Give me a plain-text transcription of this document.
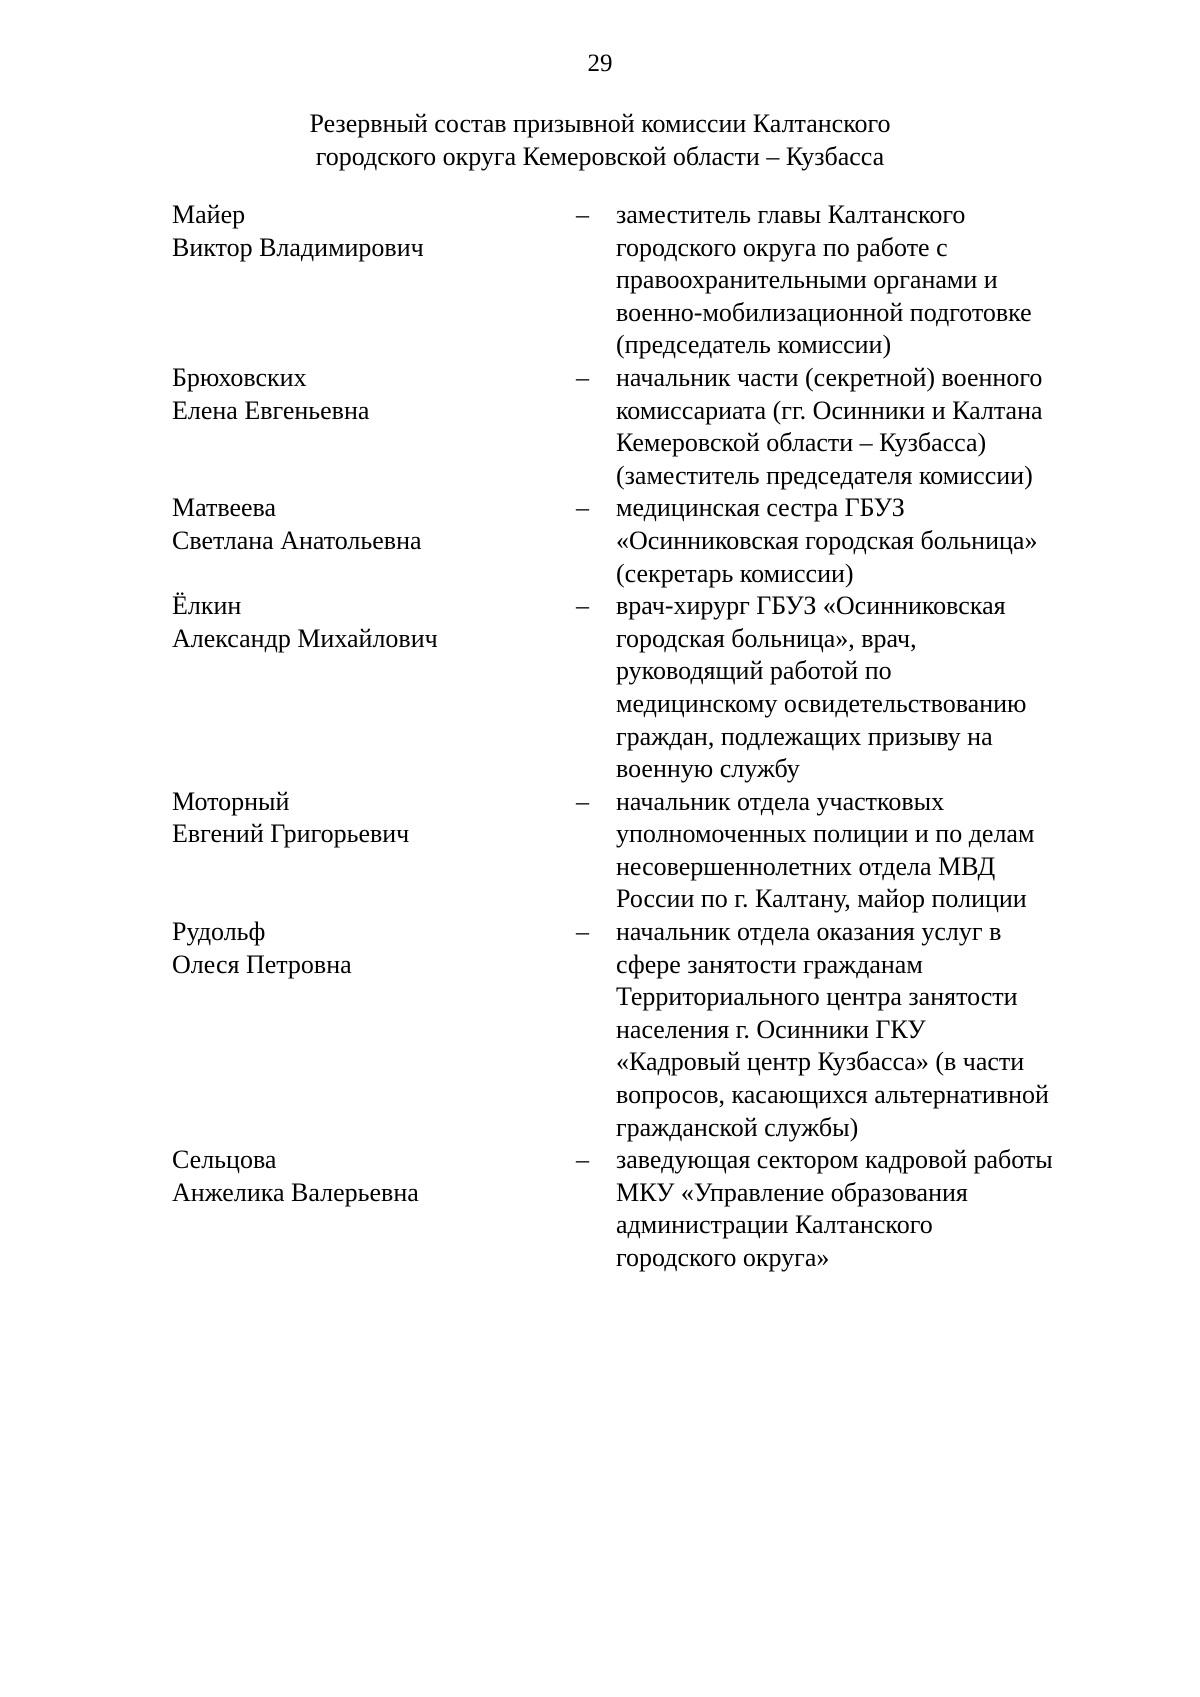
29
Резервный состав призывной комиссии Калтанского
городского округа Кемеровской области – Кузбасса
Майер
Виктор Владимирович
–	заместитель главы Калтанского
городского округа по работе с
правоохранительными органами и
военно-мобилизационной подготовке
(председатель комиссии)
Брюховских
Елена Евгеньевна
–	начальник части (секретной) военного
комиссариата (гг. Осинники и Калтана
Кемеровской области – Кузбасса)
(заместитель председателя комиссии)
Матвеева
Светлана Анатольевна
–	медицинская сестра ГБУЗ
«Осинниковская городская больница»
(секретарь комиссии)
Ёлкин
Александр Михайлович
–	врач-хирург ГБУЗ «Осинниковская
городская больница», врач,
руководящий работой по
медицинскому освидетельствованию
граждан, подлежащих призыву на
военную службу
Моторный
Евгений Григорьевич
–	начальник отдела участковых
уполномоченных полиции и по делам
несовершеннолетних отдела МВД
России по г. Калтану, майор полиции
Рудольф
Олеся Петровна
–	начальник отдела оказания услуг в
сфере занятости гражданам
Территориального центра занятости
населения г. Осинники ГКУ
«Кадровый центр Кузбасса» (в части
вопросов, касающихся альтернативной
гражданской службы)
Сельцова
Анжелика Валерьевна
–	заведующая сектором кадровой работы
МКУ «Управление образования
администрации Калтанского
городского округа»
